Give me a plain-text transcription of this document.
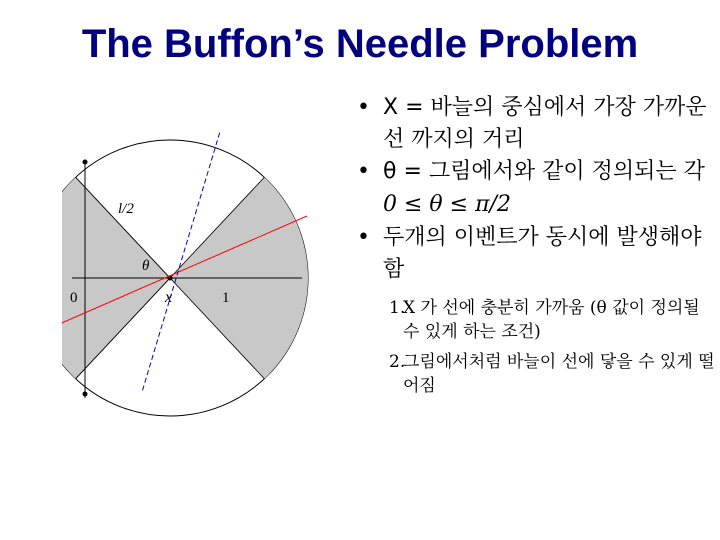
The Buffon’s Needle Problem
l/2
θ
0	x	1
• X = 바늘의 중심에서 가장 가까운 선 까지의 거리
• θ = 그림에서와 같이 정의되는 각
0 ≤ θ ≤ π/2
• 두개의 이벤트가 동시에 발생해야 함
1.
X 가 선에 충분히 가까움 (θ 값이 정의될 수 있게 하는 조건)
2.
그림에서처럼 바늘이 선에 닿을 수 있게 떨어짐
